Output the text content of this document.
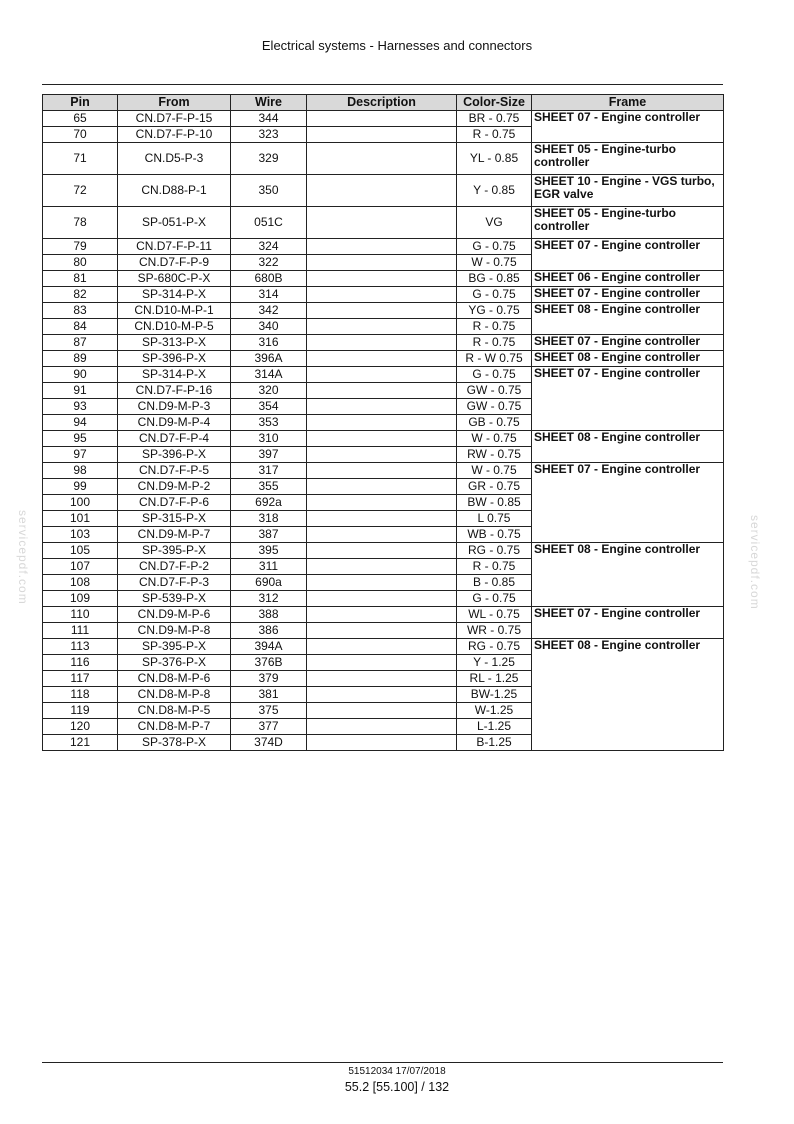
Electrical systems - Harnesses and connectors
Pin	From	Wire	Description	Color-Size	Frame
65	CN.D7-F-P-15	344		BR - 0.75	SHEET 07 - Engine controller
70	CN.D7-F-P-10	323		R - 0.75	
71	CN.D5-P-3	329		YL - 0.85	SHEET 05 - Engine-turbo controller
72	CN.D88-P-1	350		Y - 0.85	SHEET 10 - Engine - VGS turbo, EGR valve
78	SP-051-P-X	051C		VG	SHEET 05 - Engine-turbo controller
79	CN.D7-F-P-11	324		G - 0.75	SHEET 07 - Engine controller
80	CN.D7-F-P-9	322		W - 0.75	
81	SP-680C-P-X	680B		BG - 0.85	SHEET 06 - Engine controller
82	SP-314-P-X	314		G - 0.75	SHEET 07 - Engine controller
83	CN.D10-M-P-1	342		YG - 0.75	SHEET 08 - Engine controller
84	CN.D10-M-P-5	340		R - 0.75	
87	SP-313-P-X	316		R - 0.75	SHEET 07 - Engine controller
89	SP-396-P-X	396A		R - W 0.75	SHEET 08 - Engine controller
90	SP-314-P-X	314A		G - 0.75	SHEET 07 - Engine controller
91	CN.D7-F-P-16	320		GW - 0.75	
93	CN.D9-M-P-3	354		GW - 0.75	
94	CN.D9-M-P-4	353		GB - 0.75	
95	CN.D7-F-P-4	310		W - 0.75	SHEET 08 - Engine controller
97	SP-396-P-X	397		RW - 0.75	
98	CN.D7-F-P-5	317		W - 0.75	SHEET 07 - Engine controller
99	CN.D9-M-P-2	355		GR - 0.75	
100	CN.D7-F-P-6	692a		BW - 0.85	
101	SP-315-P-X	318		L 0.75	
103	CN.D9-M-P-7	387		WB - 0.75	
105	SP-395-P-X	395		RG - 0.75	SHEET 08 - Engine controller
107	CN.D7-F-P-2	311		R - 0.75	
108	CN.D7-F-P-3	690a		B - 0.85	
109	SP-539-P-X	312		G - 0.75	
110	CN.D9-M-P-6	388		WL - 0.75	SHEET 07 - Engine controller
111	CN.D9-M-P-8	386		WR - 0.75	
113	SP-395-P-X	394A		RG - 0.75	SHEET 08 - Engine controller
116	SP-376-P-X	376B		Y - 1.25	
117	CN.D8-M-P-6	379		RL - 1.25	
118	CN.D8-M-P-8	381		BW-1.25	
119	CN.D8-M-P-5	375		W-1.25	
120	CN.D8-M-P-7	377		L-1.25	
121	SP-378-P-X	374D		B-1.25	
51512034 17/07/2018
55.2 [55.100] / 132
servicepdf.com	servicepdf.com
